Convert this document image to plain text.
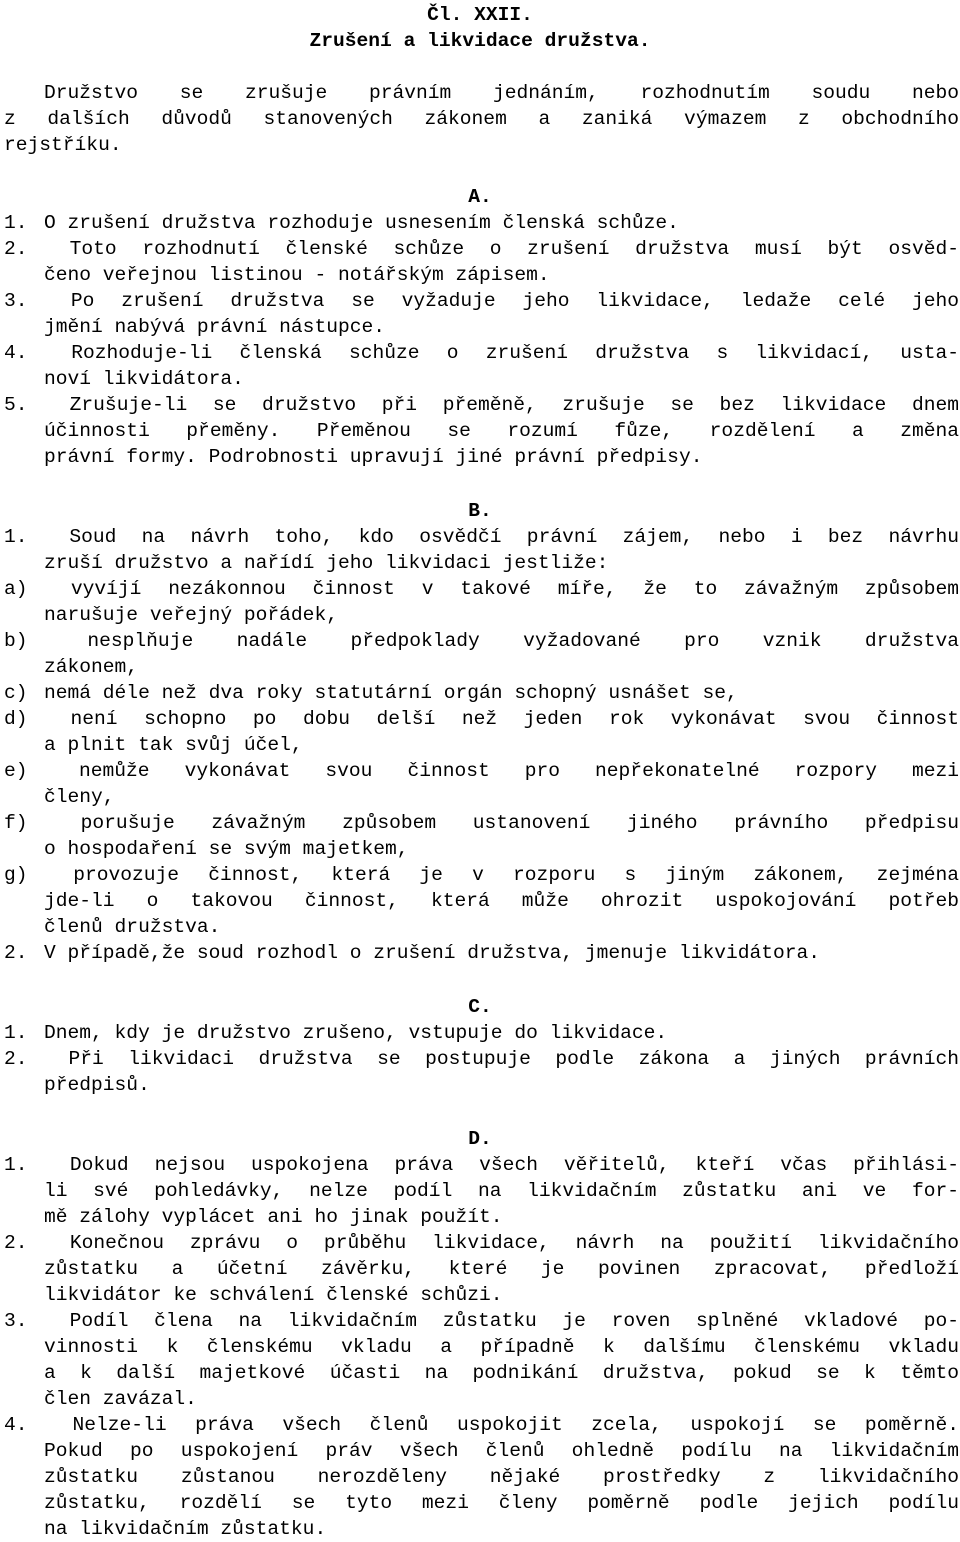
Čl. XXII.
Zrušení a likvidace družstva.
Družstvo se zrušuje právním jednáním, rozhodnutím soudu nebo
z dalších důvodů stanovených zákonem a zaniká výmazem z obchodního
rejstříku.
A.
1. O zrušení družstva rozhoduje usnesením členská schůze.
2. Toto rozhodnutí členské schůze o zrušení družstva musí být osvěd-
čeno veřejnou listinou - notářským zápisem.
3. Po zrušení družstva se vyžaduje jeho likvidace, ledaže celé jeho
jmění nabývá právní nástupce.
4. Rozhoduje-li členská schůze o zrušení družstva s likvidací, usta-
noví likvidátora.
5. Zrušuje-li se družstvo při přeměně, zrušuje se bez likvidace dnem
účinnosti přeměny. Přeměnou se rozumí fůze, rozdělení a změna
právní formy. Podrobnosti upravují jiné právní předpisy.
B.
1. Soud na návrh toho, kdo osvědčí právní zájem, nebo i bez návrhu
zruší družstvo a nařídí jeho likvidaci jestliže:
a) vyvíjí nezákonnou činnost v takové míře, že to závažným způsobem
narušuje veřejný pořádek,
b)	nesplňuje nadále předpoklady vyžadované pro vznik družstva
zákonem,
c) nemá déle než dva roky statutární orgán schopný usnášet se,
d) není schopno po dobu delší než jeden rok vykonávat svou činnost
a plnit tak svůj účel,
e)	nemůže vykonávat svou činnost pro nepřekonatelné rozpory mezi
členy,
f)	porušuje závažným způsobem ustanovení jiného právního předpisu
o hospodaření se svým majetkem,
g) provozuje činnost, která je v rozporu s jiným zákonem, zejména
jde-li o takovou činnost, která může ohrozit uspokojování potřeb
členů družstva.
2. V případě,že soud rozhodl o zrušení družstva, jmenuje likvidátora.
C.
1. Dnem, kdy je družstvo zrušeno, vstupuje do likvidace.
2. Při likvidaci družstva se postupuje podle zákona a jiných právních
předpisů.
D.
1. Dokud nejsou uspokojena práva všech věřitelů, kteří včas přihlási-
li své pohledávky, nelze podíl na likvidačním zůstatku ani ve for-
mě zálohy vyplácet ani ho jinak použít.
2. Konečnou zprávu o průběhu likvidace, návrh na použití likvidačního
zůstatku a účetní závěrku, které je povinen zpracovat, předloží
likvidátor ke schválení členské schůzi.
3. Podíl člena na likvidačním zůstatku je roven splněné vkladové po-
vinnosti k členskému vkladu a případně k dalšímu členskému vkladu
a k další majetkové účasti na podnikání družstva, pokud se k těmto
člen zavázal.
4. Nelze-li práva všech členů uspokojit zcela, uspokojí se poměrně.
Pokud po uspokojení práv všech členů ohledně podílu na likvidačním
zůstatku zůstanou nerozděleny nějaké prostředky z likvidačního
zůstatku, rozdělí se tyto mezi členy poměrně podle jejich podílu
na likvidačním zůstatku.
